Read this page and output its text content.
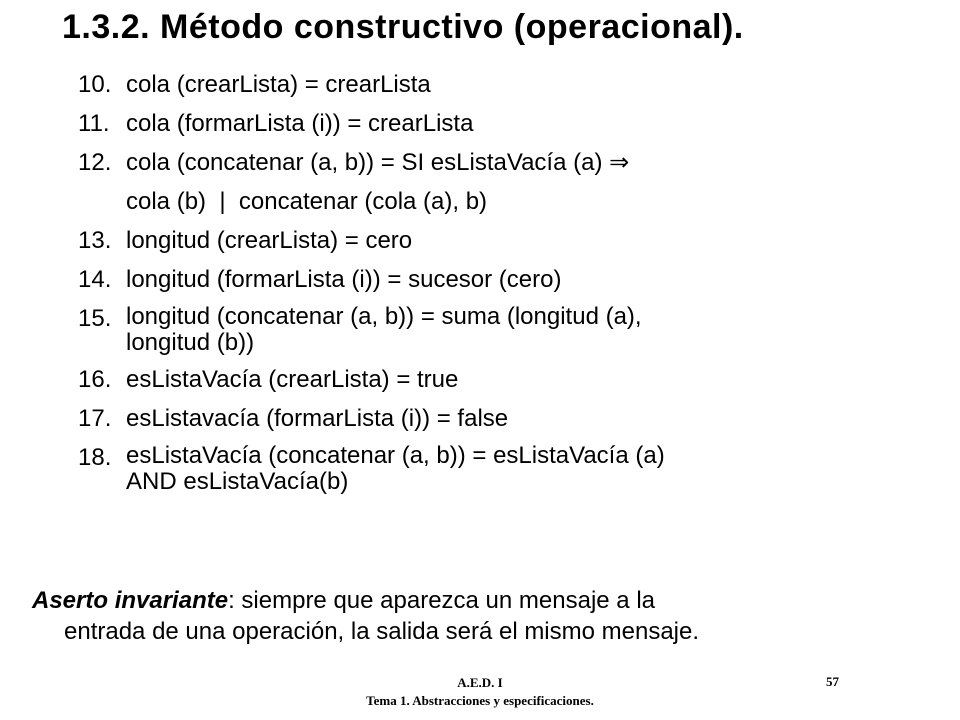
1.3.2. Método constructivo (operacional).
10. cola (crearLista) = crearLista
11. cola (formarLista (i)) = crearLista
12. cola (concatenar (a, b)) = SI esListaVacía (a) ⇒
cola (b)  |  concatenar (cola (a), b)
13. longitud (crearLista) = cero
14. longitud (formarLista (i)) = sucesor (cero)
15. longitud (concatenar (a, b)) = suma (longitud (a),
longitud (b))
16. esListaVacía (crearLista) = true
17. esListavacía (formarLista (i)) = false
18. esListaVacía (concatenar (a, b)) = esListaVacía (a)
AND esListaVacía(b)
Aserto invariante: siempre que aparezca un mensaje a la
entrada de una operación, la salida será el mismo mensaje.
A.E.D. I
Tema 1. Abstracciones y especificaciones.
57
